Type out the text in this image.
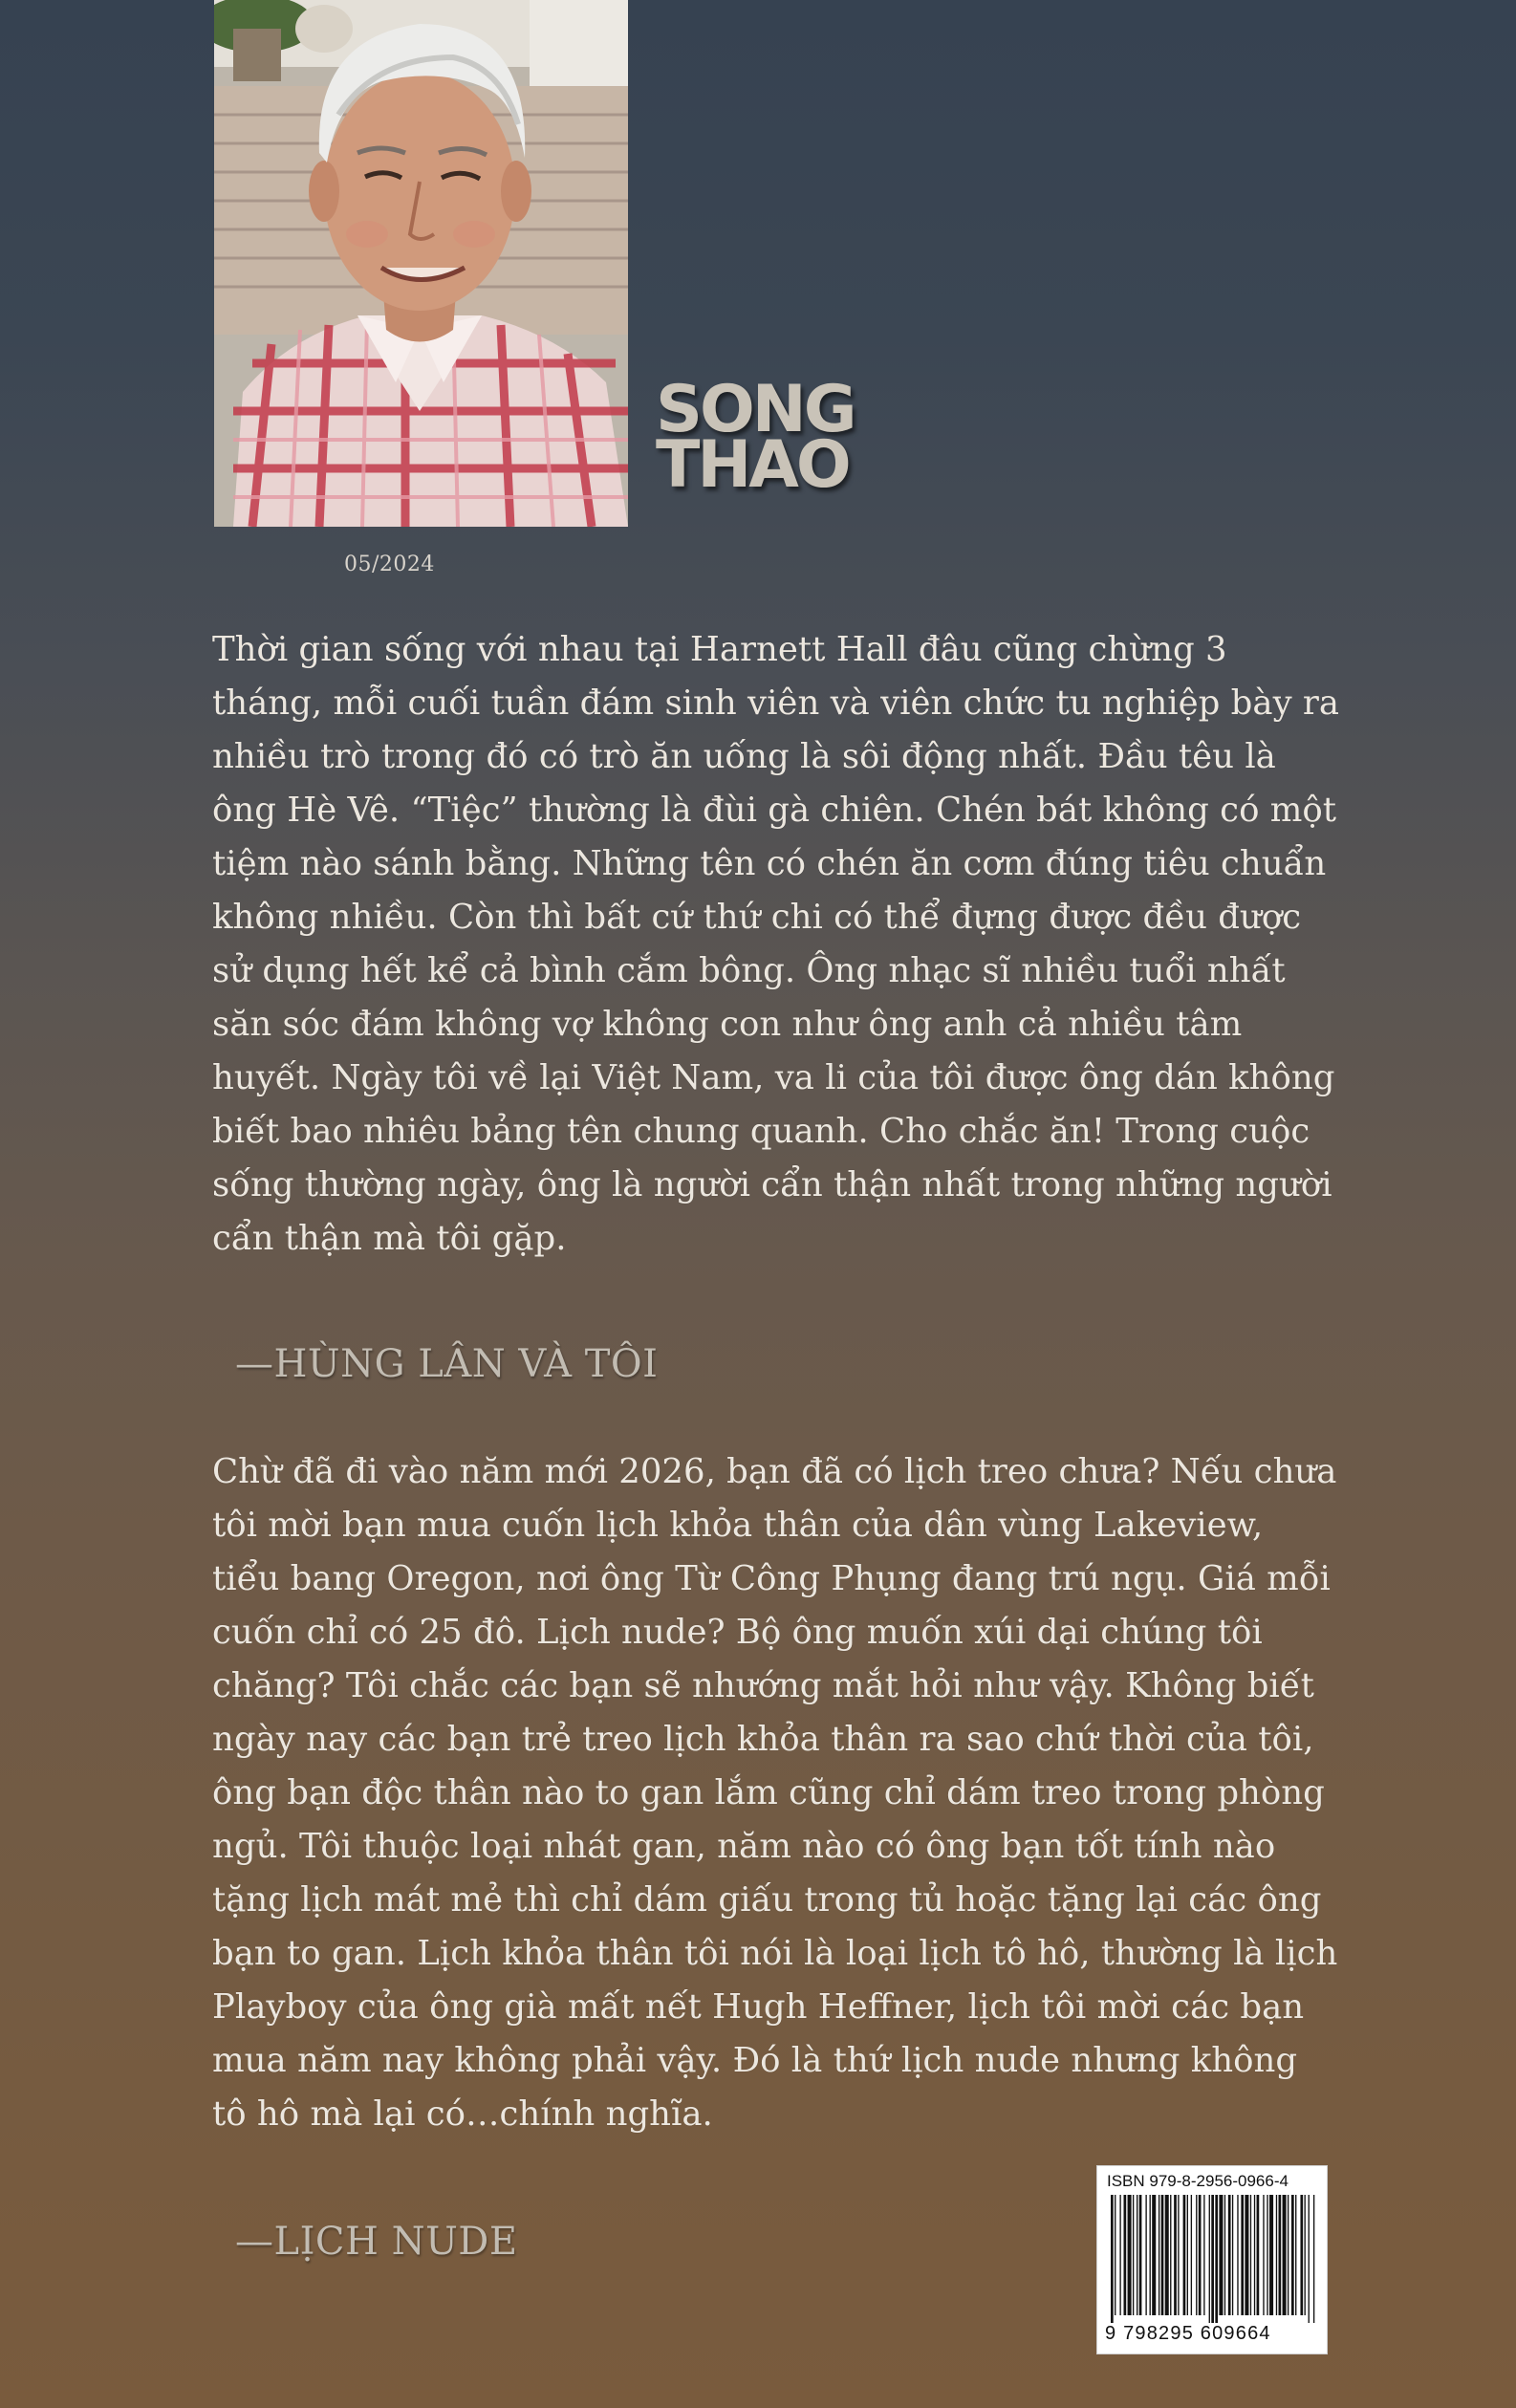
SONG
THAO
05/2024

Thời gian sống với nhau tại Harnett Hall đâu cũng chừng 3 tháng, mỗi cuối tuần đám sinh viên và viên chức tu nghiệp bày ra nhiều trò trong đó có trò ăn uống là sôi động nhất. Đầu têu là ông Hè Vê. “Tiệc” thường là đùi gà chiên. Chén bát không có một tiệm nào sánh bằng. Những tên có chén ăn cơm đúng tiêu chuẩn không nhiều. Còn thì bất cứ thứ chi có thể đựng được đều được sử dụng hết kể cả bình cắm bông. Ông nhạc sĩ nhiều tuổi nhất săn sóc đám không vợ không con như ông anh cả nhiều tâm huyết. Ngày tôi về lại Việt Nam, va li của tôi được ông dán không biết bao nhiêu bảng tên chung quanh. Cho chắc ăn! Trong cuộc sống thường ngày, ông là người cẩn thận nhất trong những người cẩn thận mà tôi gặp.

—HÙNG LÂN VÀ TÔI

Chừ đã đi vào năm mới 2026, bạn đã có lịch treo chưa? Nếu chưa tôi mời bạn mua cuốn lịch khỏa thân của dân vùng Lakeview, tiểu bang Oregon, nơi ông Từ Công Phụng đang trú ngụ. Giá mỗi cuốn chỉ có 25 đô. Lịch nude? Bộ ông muốn xúi dại chúng tôi chăng? Tôi chắc các bạn sẽ nhướng mắt hỏi như vậy. Không biết ngày nay các bạn trẻ treo lịch khỏa thân ra sao chứ thời của tôi, ông bạn độc thân nào to gan lắm cũng chỉ dám treo trong phòng ngủ. Tôi thuộc loại nhát gan, năm nào có ông bạn tốt tính nào tặng lịch mát mẻ thì chỉ dám giấu trong tủ hoặc tặng lại các ông bạn to gan. Lịch khỏa thân tôi nói là loại lịch tô hô, thường là lịch Playboy của ông già mất nết Hugh Heffner, lịch tôi mời các bạn mua năm nay không phải vậy. Đó là thứ lịch nude nhưng không tô hô mà lại có…chính nghĩa.

—LỊCH NUDE
ISBN 979-8-2956-0966-4
9 798295 609664
